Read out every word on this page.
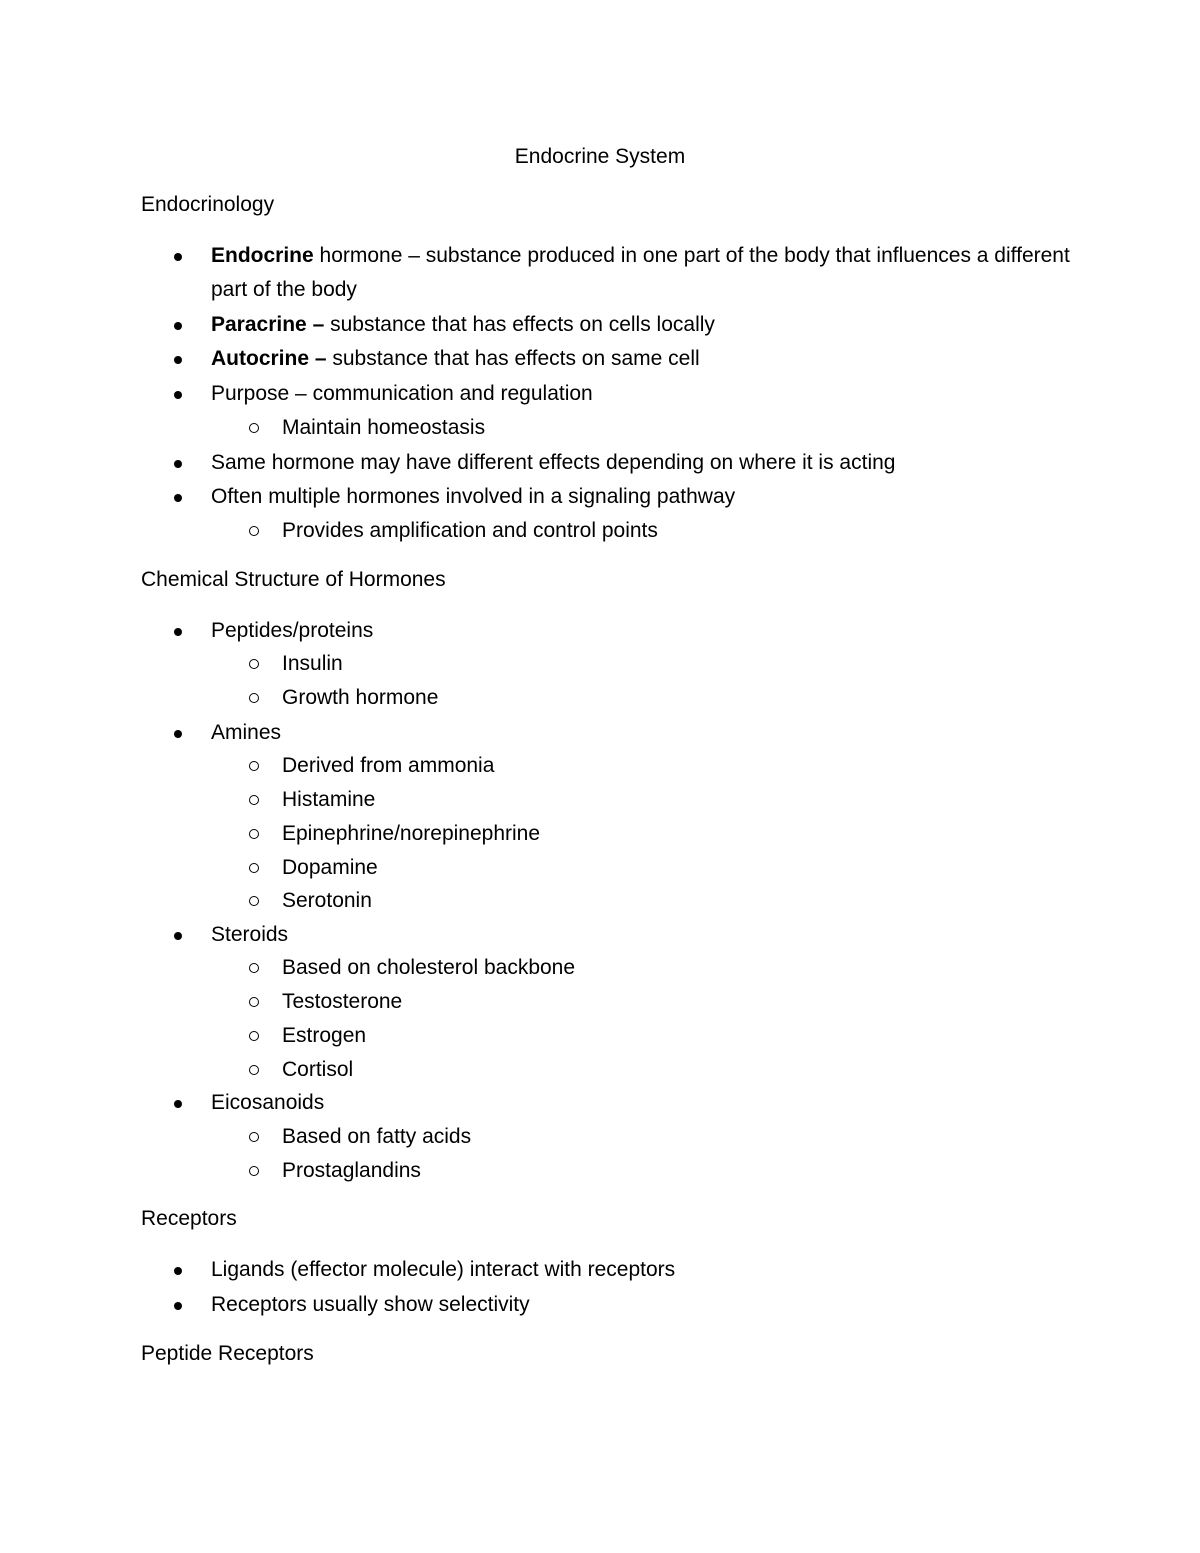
Endocrine System
Endocrinology
Endocrine hormone – substance produced in one part of the body that influences a different part of the body
Paracrine – substance that has effects on cells locally
Autocrine – substance that has effects on same cell
Purpose – communication and regulation
Maintain homeostasis
Same hormone may have different effects depending on where it is acting
Often multiple hormones involved in a signaling pathway
Provides amplification and control points
Chemical Structure of Hormones
Peptides/proteins
Insulin
Growth hormone
Amines
Derived from ammonia
Histamine
Epinephrine/norepinephrine
Dopamine
Serotonin
Steroids
Based on cholesterol backbone
Testosterone
Estrogen
Cortisol
Eicosanoids
Based on fatty acids
Prostaglandins
Receptors
Ligands (effector molecule) interact with receptors
Receptors usually show selectivity
Peptide Receptors
